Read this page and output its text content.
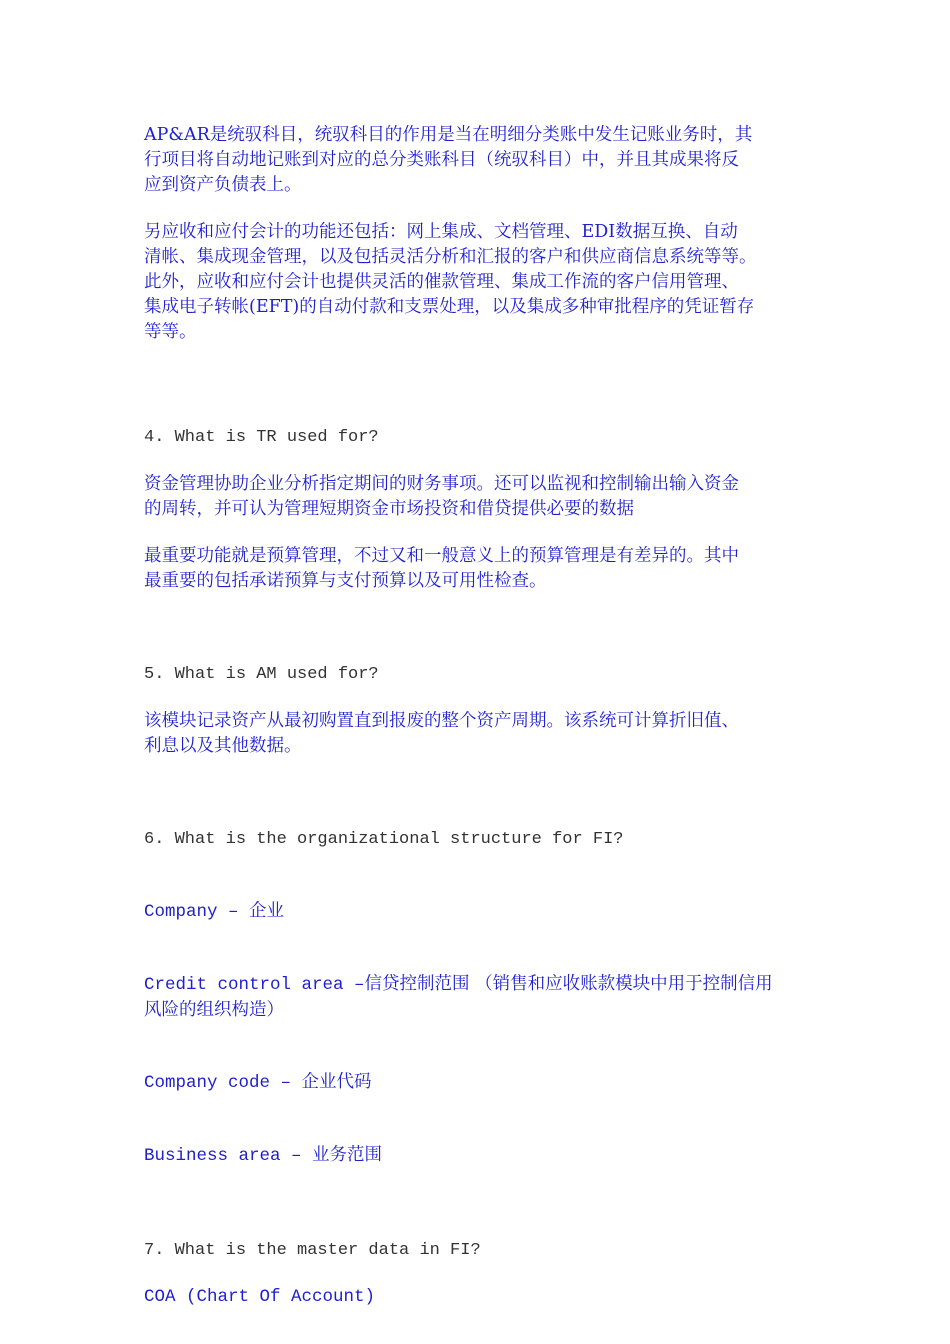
AP&AR是统驭科目，统驭科目的作用是当在明细分类账中发生记账业务时，其
行项目将自动地记账到对应的总分类账科目（统驭科目）中，并且其成果将反
应到资产负债表上。

另应收和应付会计的功能还包括：网上集成、文档管理、EDI数据互换、自动
清帐、集成现金管理，以及包括灵活分析和汇报的客户和供应商信息系统等等。
此外，应收和应付会计也提供灵活的催款管理、集成工作流的客户信用管理、
集成电子转帐(EFT)的自动付款和支票处理，以及集成多种审批程序的凭证暂存
等等。

4. What is TR used for?

资金管理协助企业分析指定期间的财务事项。还可以监视和控制输出输入资金
的周转，并可认为管理短期资金市场投资和借贷提供必要的数据

最重要功能就是预算管理，不过又和一般意义上的预算管理是有差异的。其中
最重要的包括承诺预算与支付预算以及可用性检查。

5. What is AM used for?

该模块记录资产从最初购置直到报废的整个资产周期。该系统可计算折旧值、
利息以及其他数据。

6. What is the organizational structure for FI?

Company – 企业

Credit control area –信贷控制范围 （销售和应收账款模块中用于控制信用
风险的组织构造）

Company code – 企业代码

Business area – 业务范围

7. What is the master data in FI?

COA (Chart Of Account)
